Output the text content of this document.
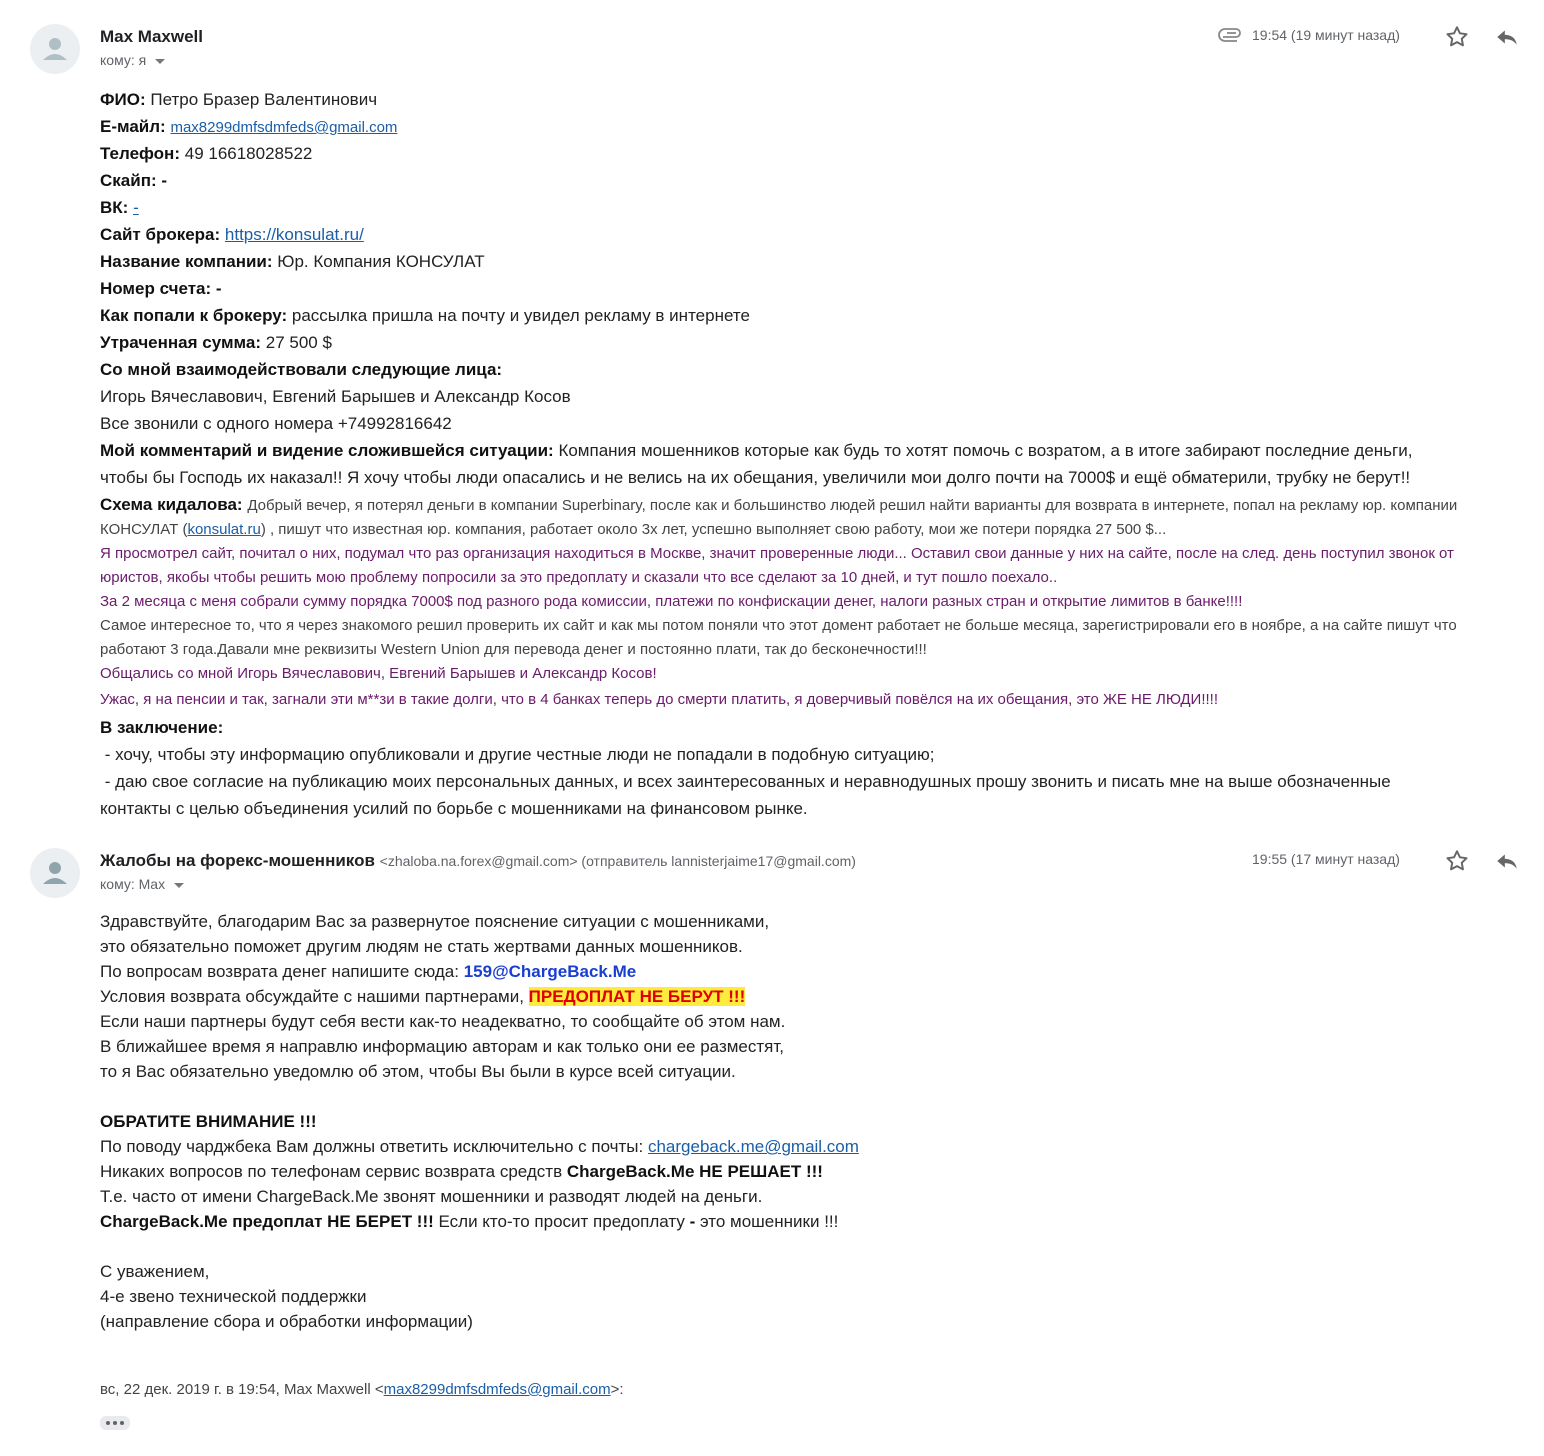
Max Maxwell
кому: я
19:54 (19 минут назад)
ФИО: Петро Бразер Валентинович
E-майл: max8299dmfsdmfeds@gmail.com
Телефон: 49 16618028522
Скайп: -
ВК: -
Сайт брокера: https://konsulat.ru/
Название компании: Юр. Компания КОНСУЛАТ
Номер счета: -
Как попали к брокеру: рассылка пришла на почту и увидел рекламу в интернете
Утраченная сумма: 27 500 $
Со мной взаимодействовали следующие лица:
Игорь Вячеславович, Евгений Барышев и Александр Косов
Все звонили с одного номера +74992816642
Мой комментарий и видение сложившейся ситуации: Компания мошенников которые как будь то хотят помочь с возратом, а в итоге забирают последние деньги,
чтобы бы Господь их наказал!! Я хочу чтобы люди опасались и не велись на их обещания, увеличили мои долго почти на 7000$ и ещё обматерили, трубку не берут!!
Схема кидалова: Добрый вечер, я потерял деньги в компании Superbinary, после как и большинство людей решил найти варианты для возврата в интернете, попал на рекламу юр. компании
КОНСУЛАТ (konsulat.ru) , пишут что известная юр. компания, работает около 3х лет, успешно выполняет свою работу, мои же потери порядка 27 500 $...
Я просмотрел сайт, почитал о них, подумал что раз организация находиться в Москве, значит проверенные люди... Оставил свои данные у них на сайте, после на след. день поступил звонок от
юристов, якобы чтобы решить мою проблему попросили за это предоплату и сказали что все сделают за 10 дней, и тут пошло поехало..
За 2 месяца с меня собрали сумму порядка 7000$ под разного рода комиссии, платежи по конфискации денег, налоги разных стран и открытие лимитов в банке!!!!
Самое интересное то, что я через знакомого решил проверить их сайт и как мы потом поняли что этот домент работает не больше месяца, зарегистрировали его в ноябре, а на сайте пишут что
работают 3 года.Давали мне реквизиты Western Union для перевода денег и постоянно плати, так до бесконечности!!!
Общались со мной Игорь Вячеславович, Евгений Барышев и Александр Косов!
Ужас, я на пенсии и так, загнали эти м**зи в такие долги, что в 4 банках теперь до смерти платить, я доверчивый повёлся на их обещания, это ЖЕ НЕ ЛЮДИ!!!!
В заключение:
- хочу, чтобы эту информацию опубликовали и другие честные люди не попадали в подобную ситуацию;
- даю свое согласие на публикацию моих персональных данных, и всех заинтересованных и неравнодушных прошу звонить и писать мне на выше обозначенные
контакты с целью объединения усилий по борьбе с мошенниками на финансовом рынке.
Жалобы на форекс-мошенников <zhaloba.na.forex@gmail.com> (отправитель lannisterjaime17@gmail.com)
кому: Max
19:55 (17 минут назад)
Здравствуйте, благодарим Вас за развернутое пояснение ситуации с мошенниками,
это обязательно поможет другим людям не стать жертвами данных мошенников.
По вопросам возврата денег напишите сюда: 159@ChargeBack.Me
Условия возврата обсуждайте с нашими партнерами, ПРЕДОПЛАТ НЕ БЕРУТ !!!
Если наши партнеры будут себя вести как-то неадекватно, то сообщайте об этом нам.
В ближайшее время я направлю информацию авторам и как только они ее разместят,
то я Вас обязательно уведомлю об этом, чтобы Вы были в курсе всей ситуации.

ОБРАТИТЕ ВНИМАНИЕ !!!
По поводу чарджбека Вам должны ответить исключительно с почты: chargeback.me@gmail.com
Никаких вопросов по телефонам сервис возврата средств ChargeBack.Me НЕ РЕШАЕТ !!!
Т.е. часто от имени ChargeBack.Me звонят мошенники и разводят людей на деньги.
ChargeBack.Me предоплат НЕ БЕРЕТ !!! Если кто-то просит предоплату - это мошенники !!!

С уважением,
4-е звено технической поддержки
(направление сбора и обработки информации)
вс, 22 дек. 2019 г. в 19:54, Max Maxwell <max8299dmfsdmfeds@gmail.com>:
